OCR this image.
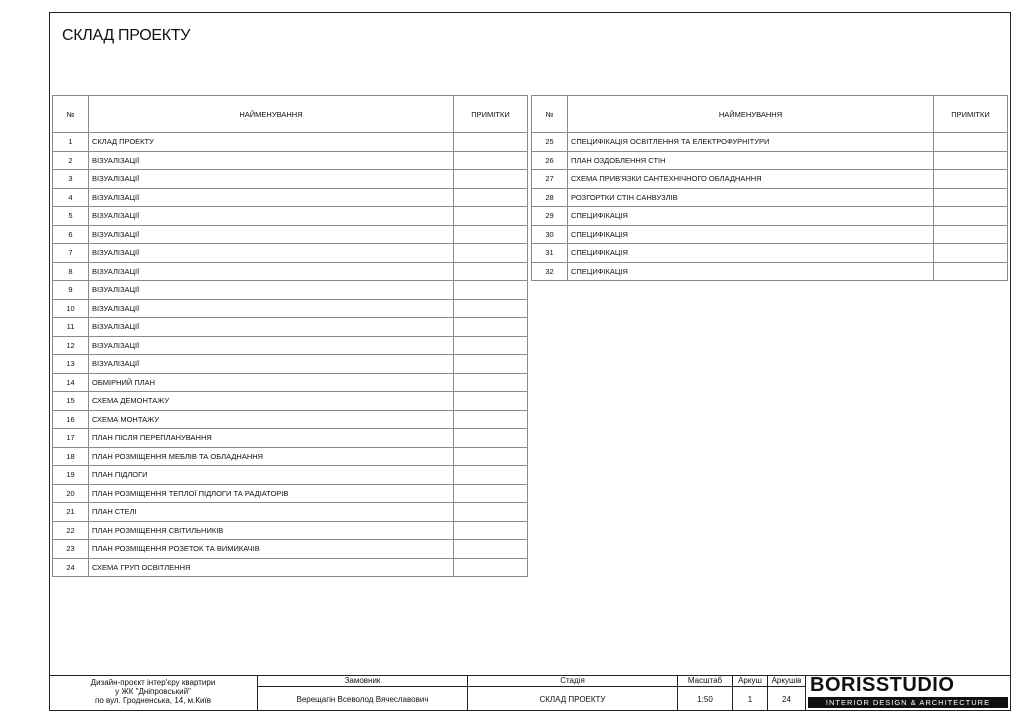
СКЛАД ПРОЕКТУ
№	НАЙМЕНУВАННЯ	ПРИМІТКИ
1	СКЛАД ПРОЕКТУ	
2	ВІЗУАЛІЗАЦІЇ	
3	ВІЗУАЛІЗАЦІЇ	
4	ВІЗУАЛІЗАЦІЇ	
5	ВІЗУАЛІЗАЦІЇ	
6	ВІЗУАЛІЗАЦІЇ	
7	ВІЗУАЛІЗАЦІЇ	
8	ВІЗУАЛІЗАЦІЇ	
9	ВІЗУАЛІЗАЦІЇ	
10	ВІЗУАЛІЗАЦІЇ	
11	ВІЗУАЛІЗАЦІЇ	
12	ВІЗУАЛІЗАЦІЇ	
13	ВІЗУАЛІЗАЦІЇ	
14	ОБМІРНИЙ ПЛАН	
15	СХЕМА ДЕМОНТАЖУ	
16	СХЕМА МОНТАЖУ	
17	ПЛАН ПІСЛЯ ПЕРЕПЛАНУВАННЯ	
18	ПЛАН РОЗМІЩЕННЯ МЕБЛІВ ТА ОБЛАДНАННЯ	
19	ПЛАН ПІДЛОГИ	
20	ПЛАН РОЗМІЩЕННЯ ТЕПЛОЇ ПІДЛОГИ ТА РАДІАТОРІВ	
21	ПЛАН СТЕЛІ	
22	ПЛАН РОЗМІЩЕННЯ СВІТИЛЬНИКІВ	
23	ПЛАН РОЗМІЩЕННЯ РОЗЕТОК ТА ВИМИКАЧІВ	
24	СХЕМА ГРУП ОСВІТЛЕННЯ	
№	НАЙМЕНУВАННЯ	ПРИМІТКИ
25	СПЕЦИФІКАЦІЯ ОСВІТЛЕННЯ ТА ЕЛЕКТРОФУРНІТУРИ	
26	ПЛАН ОЗДОБЛЕННЯ СТІН	
27	СХЕМА ПРИВ'ЯЗКИ САНТЕХНІЧНОГО ОБЛАДНАННЯ	
28	РОЗГОРТКИ СТІН САНВУЗЛІВ	
29	СПЕЦИФІКАЦІЯ	
30	СПЕЦИФІКАЦІЯ	
31	СПЕЦИФІКАЦІЯ	
32	СПЕЦИФІКАЦІЯ	
Дизайн-проєкт інтер'єру квартири
у ЖК "Дніпровський"
по вул. Гродненська, 14, м.Київ
Замовник
Верещагін Всеволод Вячеславович
Стадія
СКЛАД ПРОЕКТУ
Масштаб
1:50
Аркуш
1
Аркушів
24
BORISSTUDIO
INTERIOR DESIGN & ARCHITECTURE
